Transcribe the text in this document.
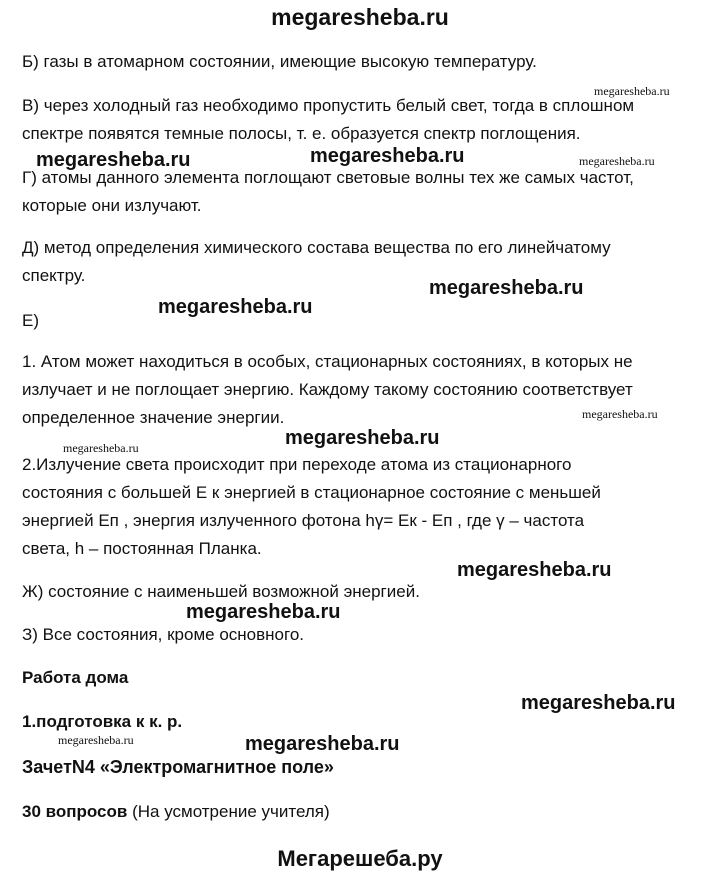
megaresheba.ru
Б) газы в атомарном состоянии, имеющие высокую температуру.
В) через холодный газ необходимо пропустить белый свет, тогда в сплошном
спектре появятся темные полосы, т. е. образуется спектр поглощения.
Г) атомы данного элемента поглощают световые волны тех же самых частот,
которые они излучают.
Д) метод определения химического состава вещества по его линейчатому
спектру.
Е)
1. Атом может находиться в особых, стационарных состояниях, в которых не
излучает и не поглощает энергию. Каждому такому состоянию соответствует
определенное значение энергии.
2.Излучение света происходит при переходе атома из стационарного
состояния с большей Е к энергией в стационарное состояние с меньшей
энергией Еп , энергия излученного фотона hγ= Ек - Еп , где γ – частота
света, h – постоянная Планка.
Ж) состояние с наименьшей возможной энергией.
З) Все состояния, кроме основного.
Работа дома
1.подготовка к к. р.
ЗачетN4 «Электромагнитное поле»
30 вопросов (На усмотрение учителя)
Мегарешеба.ру
megaresheba.ru
megaresheba.ru	megaresheba.ru	megaresheba.ru
megaresheba.ru
megaresheba.ru
megaresheba.ru
megaresheba.ru	megaresheba.ru
megaresheba.ru
megaresheba.ru
megaresheba.ru
megaresheba.ru	megaresheba.ru
